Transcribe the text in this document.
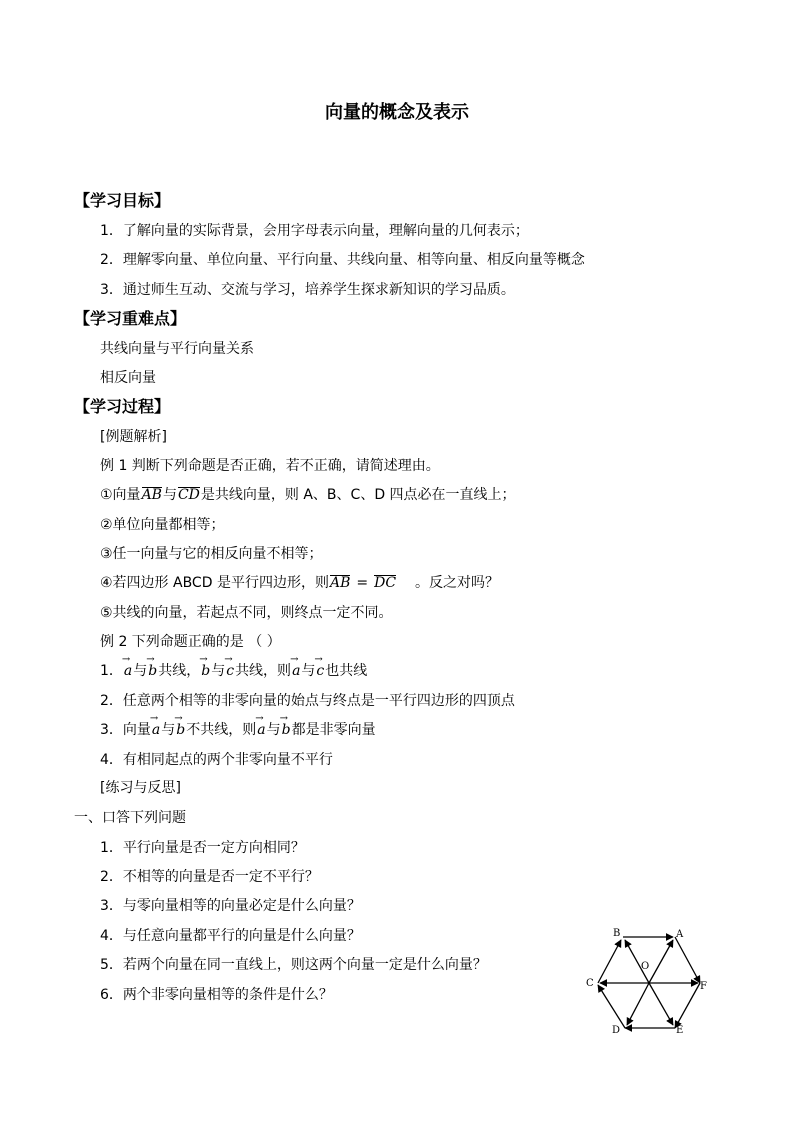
向量的概念及表示
【学习目标】
1．了解向量的实际背景，会用字母表示向量，理解向量的几何表示；
2．理解零向量、单位向量、平行向量、共线向量、相等向量、相反向量等概念
3．通过师生互动、交流与学习，培养学生探求新知识的学习品质。
【学习重难点】
共线向量与平行向量关系
相反向量
【学习过程】
[例题解析]
例 1 判断下列命题是否正确，若不正确，请简述理由。
①向量AB与CD是共线向量，则 A、B、C、D 四点必在一直线上；
②单位向量都相等；
③任一向量与它的相反向量不相等；
④若四边形 ABCD 是平行四边形，则AB = DC 。反之对吗？
⑤共线的向量，若起点不同，则终点一定不同。
例 2 下列命题正确的是 （ ）
1．a →与b →共线，b →与c →共线，则a →与c →也共线
2．任意两个相等的非零向量的始点与终点是一平行四边形的四顶点
3．向量a →与b →不共线，则a →与b →都是非零向量
4．有相同起点的两个非零向量不平行
[练习与反思]
一、口答下列问题
1．平行向量是否一定方向相同？
2．不相等的向量是否一定不平行？
3．与零向量相等的向量必定是什么向量？
4．与任意向量都平行的向量是什么向量？
5．若两个向量在同一直线上，则这两个向量一定是什么向量？
6．两个非零向量相等的条件是什么？
B	A
O
C	F
D	E
